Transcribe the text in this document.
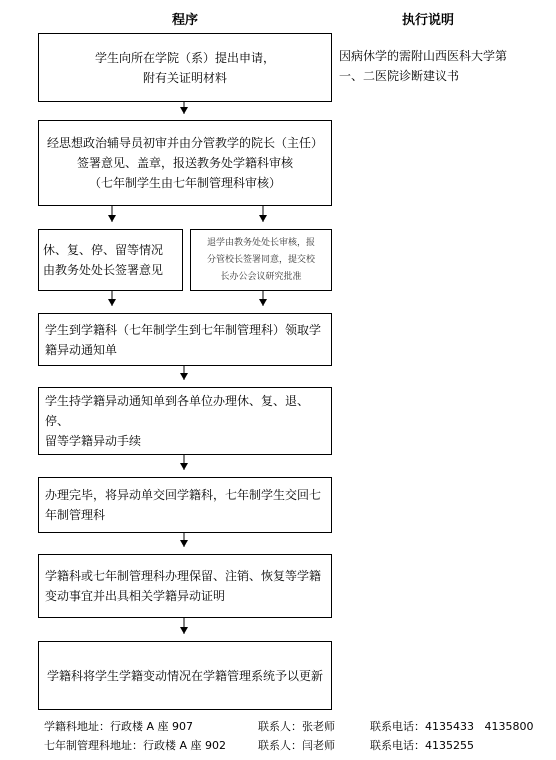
程序	执行说明
学生向所在学院（系）提出申请，
附有关证明材料
因病休学的需附山西医科大学第
一、二医院诊断建议书
经思想政治辅导员初审并由分管教学的院长（主任）
签署意见、盖章，报送教务处学籍科审核
（七年制学生由七年制管理科审核）
休、复、停、留等情况
由教务处处长签署意见
退学由教务处处长审核，报
分管校长签署同意，提交校
长办公会议研究批准
学生到学籍科（七年制学生到七年制管理科）领取学
籍异动通知单
学生持学籍异动通知单到各单位办理休、复、退、停、
留等学籍异动手续
办理完毕，将异动单交回学籍科，七年制学生交回七
年制管理科
学籍科或七年制管理科办理保留、注销、恢复等学籍
变动事宜并出具相关学籍异动证明
学籍科将学生学籍变动情况在学籍管理系统予以更新
学籍科地址：行政楼 A 座 907	联系人：张老师	联系电话：4135433   4135800
七年制管理科地址：行政楼 A 座 902	联系人：闫老师	联系电话：4135255
